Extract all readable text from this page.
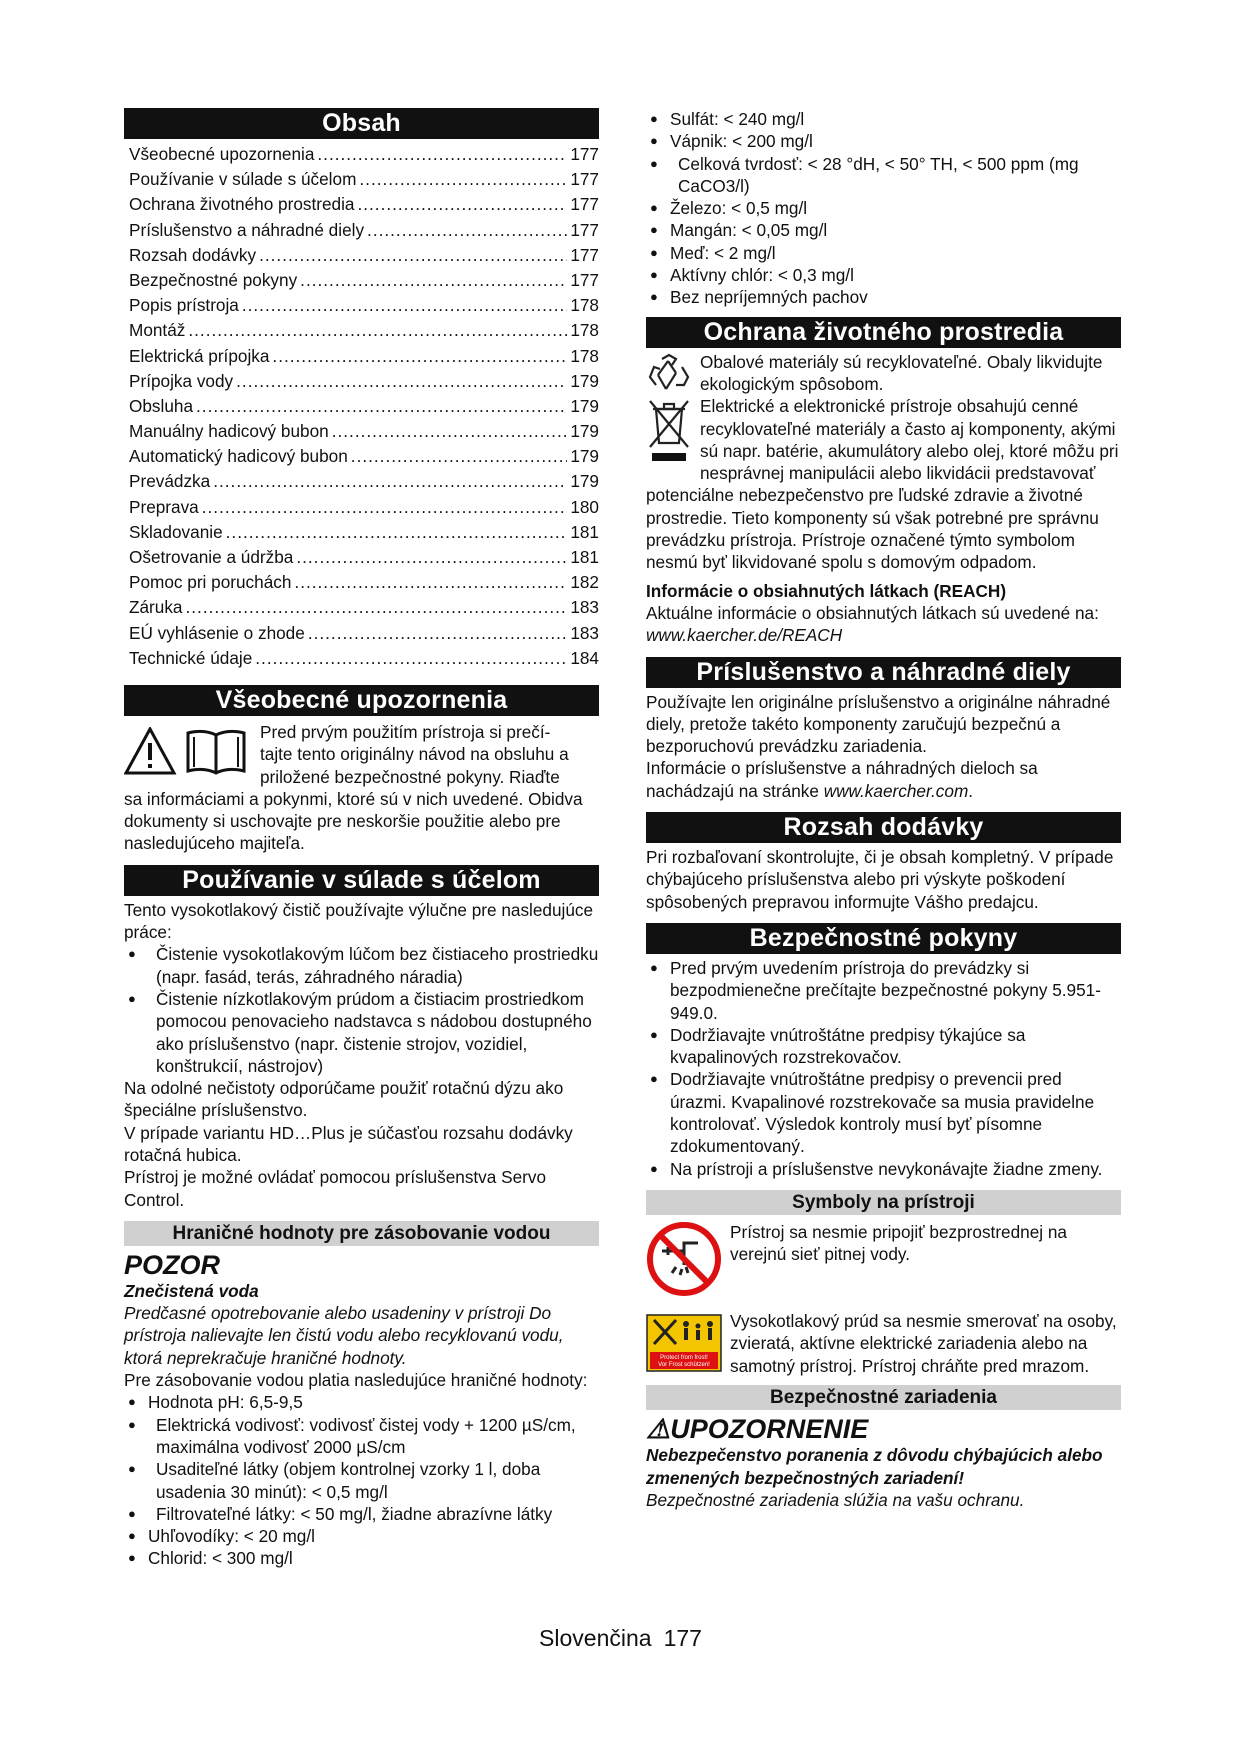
Obsah
Všeobecné upozornenia .....	177
Používanie v súlade s účelom .....	177
Ochrana životného prostredia .....	177
Príslušenstvo a náhradné diely .....	177
Rozsah dodávky .....	177
Bezpečnostné pokyny .....	177
Popis prístroja .....	178
Montáž .....	178
Elektrická prípojka .....	178
Prípojka vody .....	179
Obsluha .....	179
Manuálny hadicový bubon .....	179
Automatický hadicový bubon .....	179
Prevádzka .....	179
Preprava .....	180
Skladovanie .....	181
Ošetrovanie a údržba .....	181
Pomoc pri poruchách .....	182
Záruka .....	183
EÚ vyhlásenie o zhode .....	183
Technické údaje .....	184
Všeobecné upozornenia

Pred prvým použitím prístroja si prečí-

tajte tento originálny návod na obsluhu a

priložené bezpečnostné pokyny. Riaďte

sa informáciami a pokynmi, ktoré sú v nich uvedené. Obidva dokumenty si uschovajte pre neskoršie použitie alebo pre nasledujúceho majiteľa.

Používanie v súlade s účelom

Tento vysokotlakový čistič používajte výlučne pre nasledujúce práce:

● Čistenie vysokotlakovým lúčom bez čistiaceho prostriedku (napr. fasád, terás, záhradného náradia)
● Čistenie nízkotlakovým prúdom a čistiacim prostriedkom pomocou penovacieho nadstavca s nádobou dostupného ako príslušenstvo (napr. čistenie strojov, vozidiel, konštrukcií, nástrojov)

Na odolné nečistoty odporúčame použiť rotačnú dýzu ako špeciálne príslušenstvo.

V prípade variantu HD…Plus je súčasťou rozsahu dodávky rotačná hubica.

Prístroj je možné ovládať pomocou príslušenstva Servo Control.

Hraničné hodnoty pre zásobovanie vodou
POZOR

Znečistená voda

Predčasné opotrebovanie alebo usadeniny v prístroji Do prístroja nalievajte len čistú vodu alebo recyklovanú vodu, ktorá neprekračuje hraničné hodnoty.

Pre zásobovanie vodou platia nasledujúce hraničné hodnoty:

● Hodnota pH: 6,5-9,5
● Elektrická vodivosť: vodivosť čistej vody + 1200 µS/cm, maximálna vodivosť 2000 µS/cm
● Usaditeľné látky (objem kontrolnej vzorky 1 l, doba usadenia 30 minút): < 0,5 mg/l
● Filtrovateľné látky: < 50 mg/l, žiadne abrazívne látky
● Uhľovodíky: < 20 mg/l
● Chlorid: < 300 mg/l
● Sulfát: < 240 mg/l
● Vápnik: < 200 mg/l
● Celková tvrdosť: < 28 °dH, < 50° TH, < 500 ppm (mg CaCO3/l)
● Železo: < 0,5 mg/l
● Mangán: < 0,05 mg/l
● Meď: < 2 mg/l
● Aktívny chlór: < 0,3 mg/l
● Bez nepríjemných pachov
Ochrana životného prostredia

Obalové materiály sú recyklovateľné. Obaly likvidujte ekologickým spôsobom.

Elektrické a elektronické prístroje obsahujú cenné recyklovateľné materiály a často aj komponenty, akými sú napr. batérie, akumulátory alebo olej, ktoré môžu pri nesprávnej manipulácii alebo likvidácii predstavovať potenciálne nebezpečenstvo pre ľudské zdravie a životné prostredie. Tieto komponenty sú však potrebné pre správnu prevádzku prístroja. Prístroje označené týmto symbolom nesmú byť likvidované spolu s domovým odpadom.

Informácie o obsiahnutých látkach (REACH)

Aktuálne informácie o obsiahnutých látkach sú uvedené na: www.kaercher.de/REACH

Príslušenstvo a náhradné diely

Používajte len originálne príslušenstvo a originálne náhradné diely, pretože takéto komponenty zaručujú bezpečnú a bezporuchovú prevádzku zariadenia.

Informácie o príslušenstve a náhradných dieloch sa nachádzajú na stránke www.kaercher.com.

Rozsah dodávky

Pri rozbaľovaní skontrolujte, či je obsah kompletný. V prípade chýbajúceho príslušenstva alebo pri výskyte poškodení spôsobených prepravou informujte Vášho predajcu.

Bezpečnostné pokyny
● Pred prvým uvedením prístroja do prevádzky si bezpodmienečne prečítajte bezpečnostné pokyny 5.951-949.0.
● Dodržiavajte vnútroštátne predpisy týkajúce sa kvapalinových rozstrekovačov.
● Dodržiavajte vnútroštátne predpisy o prevencii pred úrazmi. Kvapalinové rozstrekovače sa musia pravidelne kontrolovať. Výsledok kontroly musí byť písomne zdokumentovaný.
● Na prístroji a príslušenstve nevykonávajte žiadne zmeny.
Symboly na prístroji

Prístroj sa nesmie pripojiť bezprostrednej na verejnú sieť pitnej vody.

Protect from frost!
Vor Frost schützen!

Vysokotlakový prúd sa nesmie smerovať na osoby, zvieratá, aktívne elektrické zariadenia alebo na samotný prístroj. Prístroj chráňte pred mrazom.

Bezpečnostné zariadenia
⚠UPOZORNENIE

Nebezpečenstvo poranenia z dôvodu chýbajúcich alebo zmenených bezpečnostných zariadení!

Bezpečnostné zariadenia slúžia na vašu ochranu.

Slovenčina 177
